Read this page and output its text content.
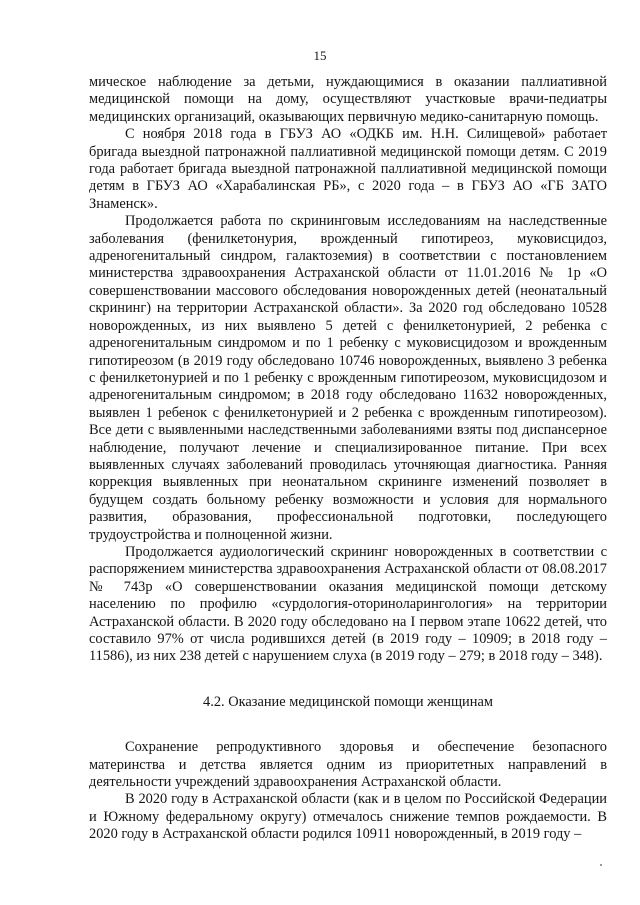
15

мическое наблюдение за детьми, нуждающимися в оказании паллиативной медицинской помощи на дому, осуществляют участковые врачи-педиатры медицинских организаций, оказывающих первичную медико-санитарную помощь.

С ноября 2018 года в ГБУЗ АО «ОДКБ им. Н.Н. Силищевой» работает бригада выездной патронажной паллиативной медицинской помощи детям. С 2019 года работает бригада выездной патронажной паллиативной медицинской помощи детям в ГБУЗ АО «Харабалинская РБ», с 2020 года – в ГБУЗ АО «ГБ ЗАТО Знаменск».

Продолжается работа по скрининговым исследованиям на наследственные заболевания (фенилкетонурия, врожденный гипотиреоз, муковисцидоз, адреногенитальный синдром, галактоземия) в соответствии с постановлением министерства здравоохранения Астраханской области от 11.01.2016 № 1р «О совершенствовании массового обследования новорожденных детей (неонатальный скрининг) на территории Астраханской области». За 2020 год обследовано 10528 новорожденных, из них выявлено 5 детей с фенилкетонурией, 2 ребенка с адреногенитальным синдромом и по 1 ребенку с муковисцидозом и врожденным гипотиреозом (в 2019 году обследовано 10746 новорожденных, выявлено 3 ребенка с фенилкетонурией и по 1 ребенку с врожденным гипотиреозом, муковисцидозом и адреногенитальным синдромом; в 2018 году обследовано 11632 новорожденных, выявлен 1 ребенок с фенилкетонурией и 2 ребенка с врожденным гипотиреозом). Все дети с выявленными наследственными заболеваниями взяты под диспансерное наблюдение, получают лечение и специализированное питание. При всех выявленных случаях заболеваний проводилась уточняющая диагностика. Ранняя коррекция выявленных при неонатальном скрининге изменений позволяет в будущем создать больному ребенку возможности и условия для нормального развития, образования, профессиональной подготовки, последующего трудоустройства и полноценной жизни.

Продолжается аудиологический скрининг новорожденных в соответствии с распоряжением министерства здравоохранения Астраханской области от 08.08.2017 № 743р «О совершенствовании оказания медицинской помощи детскому населению по профилю «сурдология-оториноларингология» на территории Астраханской области. В 2020 году обследовано на I первом этапе 10622 детей, что составило 97% от числа родившихся детей (в 2019 году – 10909; в 2018 году – 11586), из них 238 детей с нарушением слуха (в 2019 году – 279; в 2018 году – 348).

4.2. Оказание медицинской помощи женщинам

Сохранение репродуктивного здоровья и обеспечение безопасного материнства и детства является одним из приоритетных направлений в деятельности учреждений здравоохранения Астраханской области.

В 2020 году в Астраханской области (как и в целом по Российской Федерации и Южному федеральному округу) отмечалось снижение темпов рождаемости. В 2020 году в Астраханской области родился 10911 новорожденный, в 2019 году –
